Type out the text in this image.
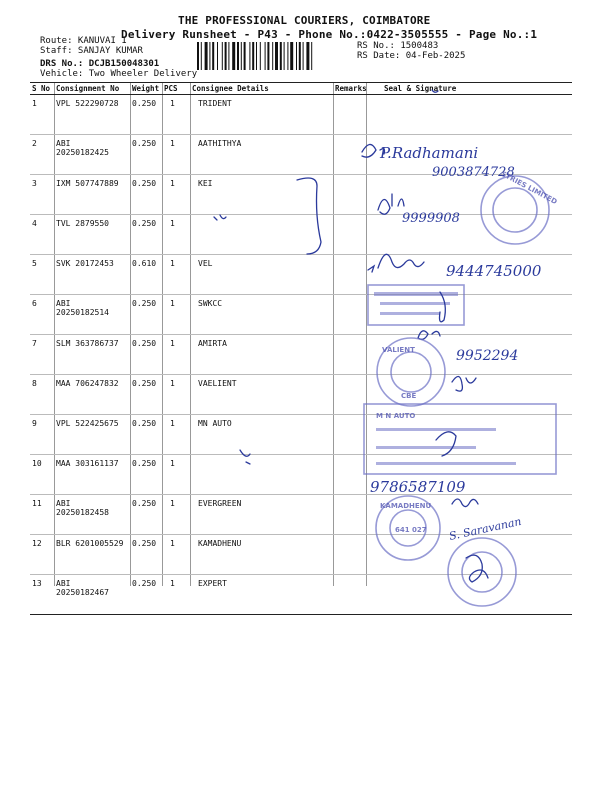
THE PROFESSIONAL COURIERS, COIMBATORE
Delivery Runsheet - P43 - Phone No.:0422-3505555 - Page No.:1
Route: KANUVAI 1
Staff: SANJAY KUMAR
DRS No.: DCJB150048301
Vehicle: Two Wheeler Delivery
RS No.: 1500483
RS Date: 04-Feb-2025
S No	Consignment No	Weight	PCS	Consignee Details	Remarks	Seal & Signature
1	VPL 522290728	0.250	1	TRIDENT		
2	ABI 20250182425	0.250	1	AATHITHYA		
3	IXM 507747889	0.250	1	KEI		
4	TVL 2879550	0.250	1			
5	SVK 20172453	0.610	1	VEL		
6	ABI 20250182514	0.250	1	SWKCC		
7	SLM 363786737	0.250	1	AMIRTA		
8	MAA 706247832	0.250	1	VAELIENT		
9	VPL 522425675	0.250	1	MN AUTO		
10	MAA 303161137	0.250	1			
11	ABI 20250182458	0.250	1	EVERGREEN		
12	BLR 6201005529	0.250	1	KAMADHENU		
13	ABI 20250182467	0.250	1	EXPERT		
P.Radhamani
9003874728
STRIES LIMITED
9999908
9444745000
9952294
VALIENT
CBE
M N AUTO
9786587109
KAMADHENU
641 027 S. Saravanan
